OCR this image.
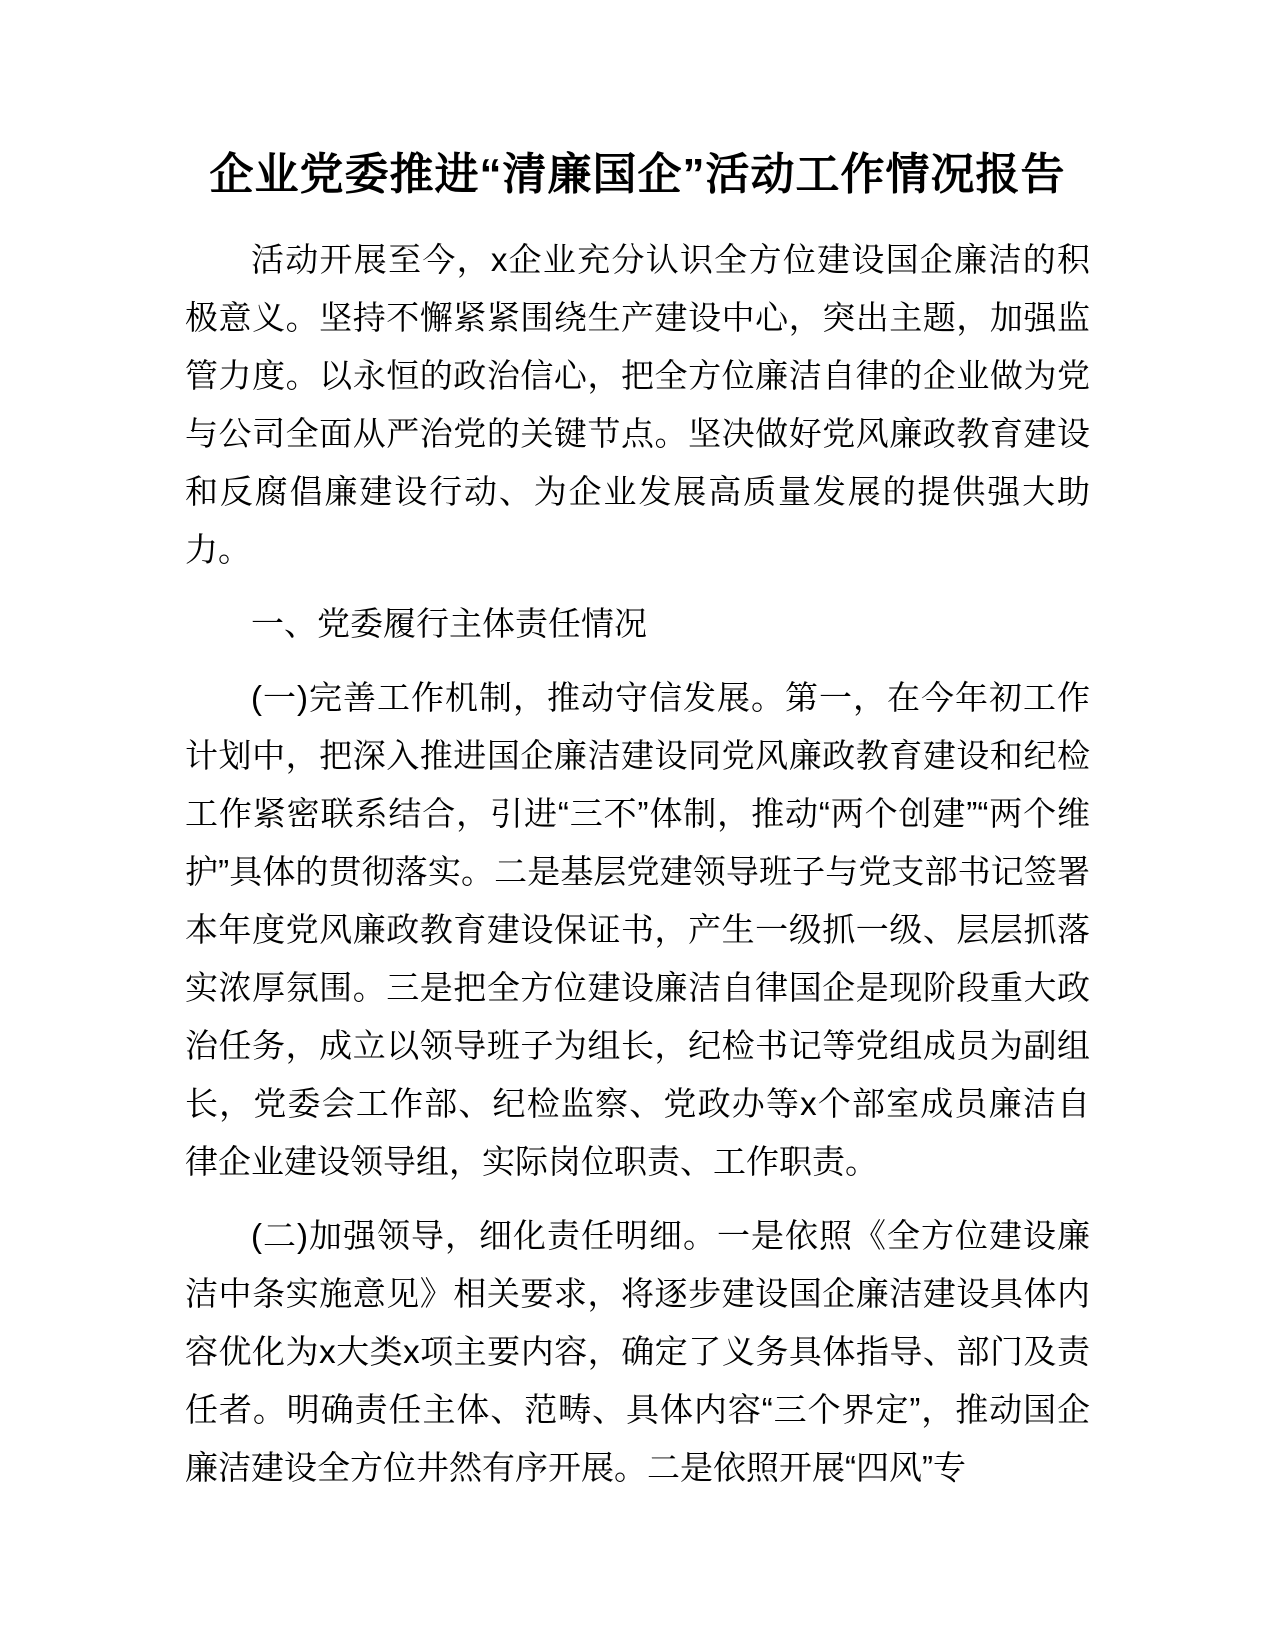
企业党委推进“清廉国企”活动工作情况报告

活动开展至今，x企业充分认识全方位建设国企廉洁的积极意义。坚持不懈紧紧围绕生产建设中心，突出主题，加强监管力度。以永恒的政治信心，把全方位廉洁自律的企业做为党与公司全面从严治党的关键节点。坚决做好党风廉政教育建设和反腐倡廉建设行动、为企业发展高质量发展的提供强大助力。

一、党委履行主体责任情况

(一)完善工作机制，推动守信发展。第一，在今年初工作计划中，把深入推进国企廉洁建设同党风廉政教育建设和纪检工作紧密联系结合，引进“三不”体制，推动“两个创建”“两个维护”具体的贯彻落实。二是基层党建领导班子与党支部书记签署本年度党风廉政教育建设保证书，产生一级抓一级、层层抓落实浓厚氛围。三是把全方位建设廉洁自律国企是现阶段重大政治任务，成立以领导班子为组长，纪检书记等党组成员为副组长，党委会工作部、纪检监察、党政办等x个部室成员廉洁自律企业建设领导组，实际岗位职责、工作职责。

(二)加强领导，细化责任明细。一是依照《全方位建设廉洁中条实施意见》相关要求，将逐步建设国企廉洁建设具体内容优化为x大类x项主要内容，确定了义务具体指导、部门及责任者。明确责任主体、范畴、具体内容“三个界定”，推动国企廉洁建设全方位井然有序开展。二是依照开展“四风”专
